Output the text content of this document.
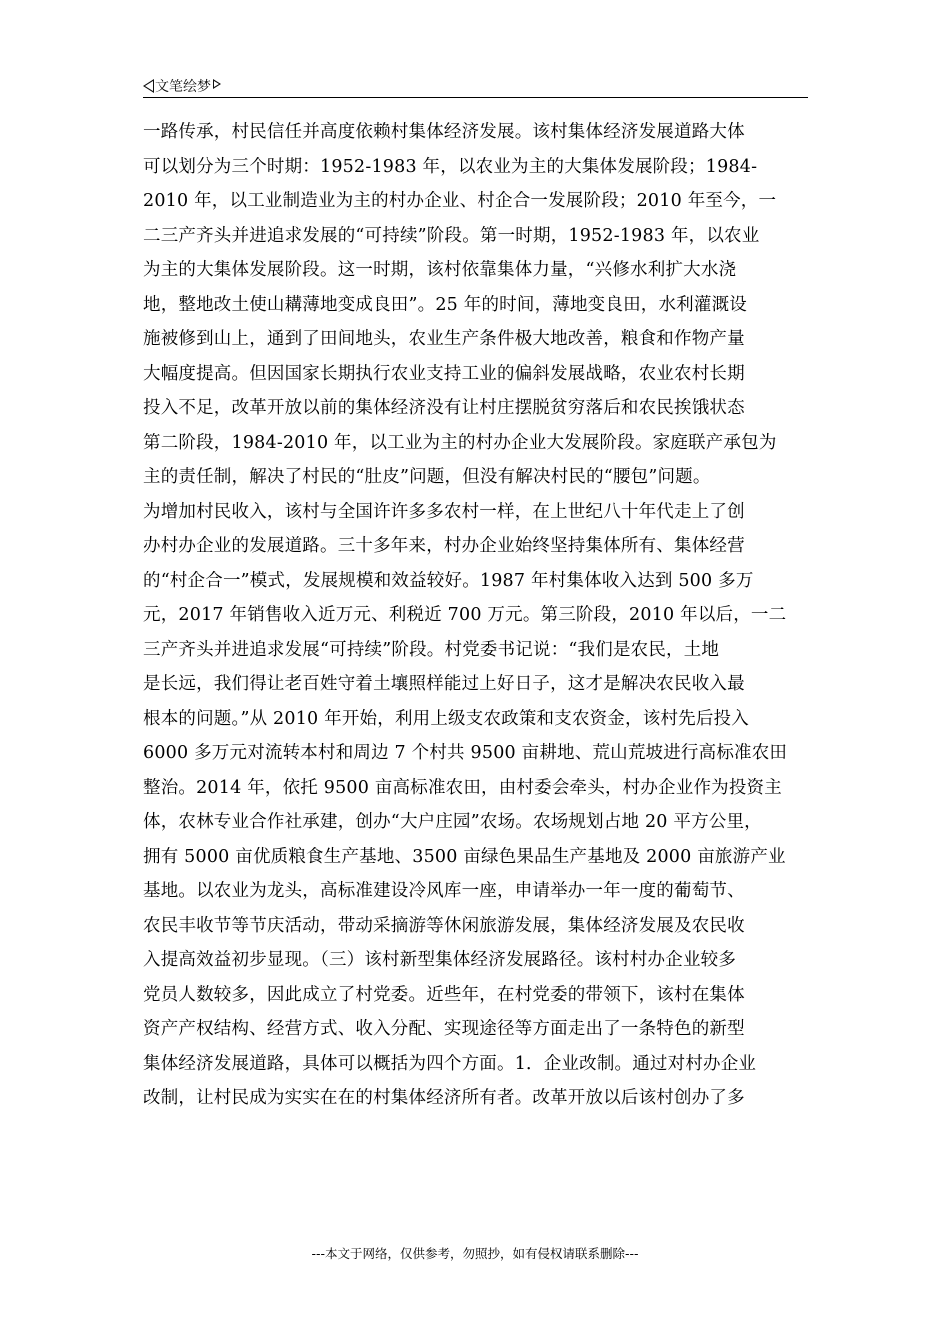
文笔绘梦
一路传承，村民信任并高度依赖村集体经济发展。该村集体经济发展道路大体
可以划分为三个时期：1952-1983 年，以农业为主的大集体发展阶段；1984-
2010 年，以工业制造业为主的村办企业、村企合一发展阶段；2010 年至今，一
二三产齐头并进追求发展的“可持续”阶段。第一时期，1952-1983 年，以农业
为主的大集体发展阶段。这一时期，该村依靠集体力量，“兴修水利扩大水浇
地，整地改土使山耩薄地变成良田”。25 年的时间，薄地变良田，水利灌溉设
施被修到山上，通到了田间地头，农业生产条件极大地改善，粮食和作物产量
大幅度提高。但因国家长期执行农业支持工业的偏斜发展战略，农业农村长期
投入不足，改革开放以前的集体经济没有让村庄摆脱贫穷落后和农民挨饿状态
第二阶段，1984-2010 年，以工业为主的村办企业大发展阶段。家庭联产承包为
主的责任制，解决了村民的“肚皮”问题，但没有解决村民的“腰包”问题。
为增加村民收入，该村与全国许许多多农村一样，在上世纪八十年代走上了创
办村办企业的发展道路。三十多年来，村办企业始终坚持集体所有、集体经营
的“村企合一”模式，发展规模和效益较好。1987 年村集体收入达到 500 多万
元，2017 年销售收入近万元、利税近 700 万元。第三阶段，2010 年以后，一二
三产齐头并进追求发展“可持续”阶段。村党委书记说：“我们是农民，土地
是长远，我们得让老百姓守着土壤照样能过上好日子，这才是解决农民收入最
根本的问题。”从 2010 年开始，利用上级支农政策和支农资金，该村先后投入
6000 多万元对流转本村和周边 7 个村共 9500 亩耕地、荒山荒坡进行高标准农田
整治。2014 年，依托 9500 亩高标准农田，由村委会牵头，村办企业作为投资主
体，农林专业合作社承建，创办“大户庄园”农场。农场规划占地 20 平方公里，
拥有 5000 亩优质粮食生产基地、3500 亩绿色果品生产基地及 2000 亩旅游产业
基地。以农业为龙头，高标准建设冷风库一座，申请举办一年一度的葡萄节、
农民丰收节等节庆活动，带动采摘游等休闲旅游发展，集体经济发展及农民收
入提高效益初步显现。（三）该村新型集体经济发展路径。该村村办企业较多
党员人数较多，因此成立了村党委。近些年，在村党委的带领下，该村在集体
资产产权结构、经营方式、收入分配、实现途径等方面走出了一条特色的新型
集体经济发展道路，具体可以概括为四个方面。1．企业改制。通过对村办企业
改制，让村民成为实实在在的村集体经济所有者。改革开放以后该村创办了多
---本文于网络，仅供参考，勿照抄，如有侵权请联系删除---
